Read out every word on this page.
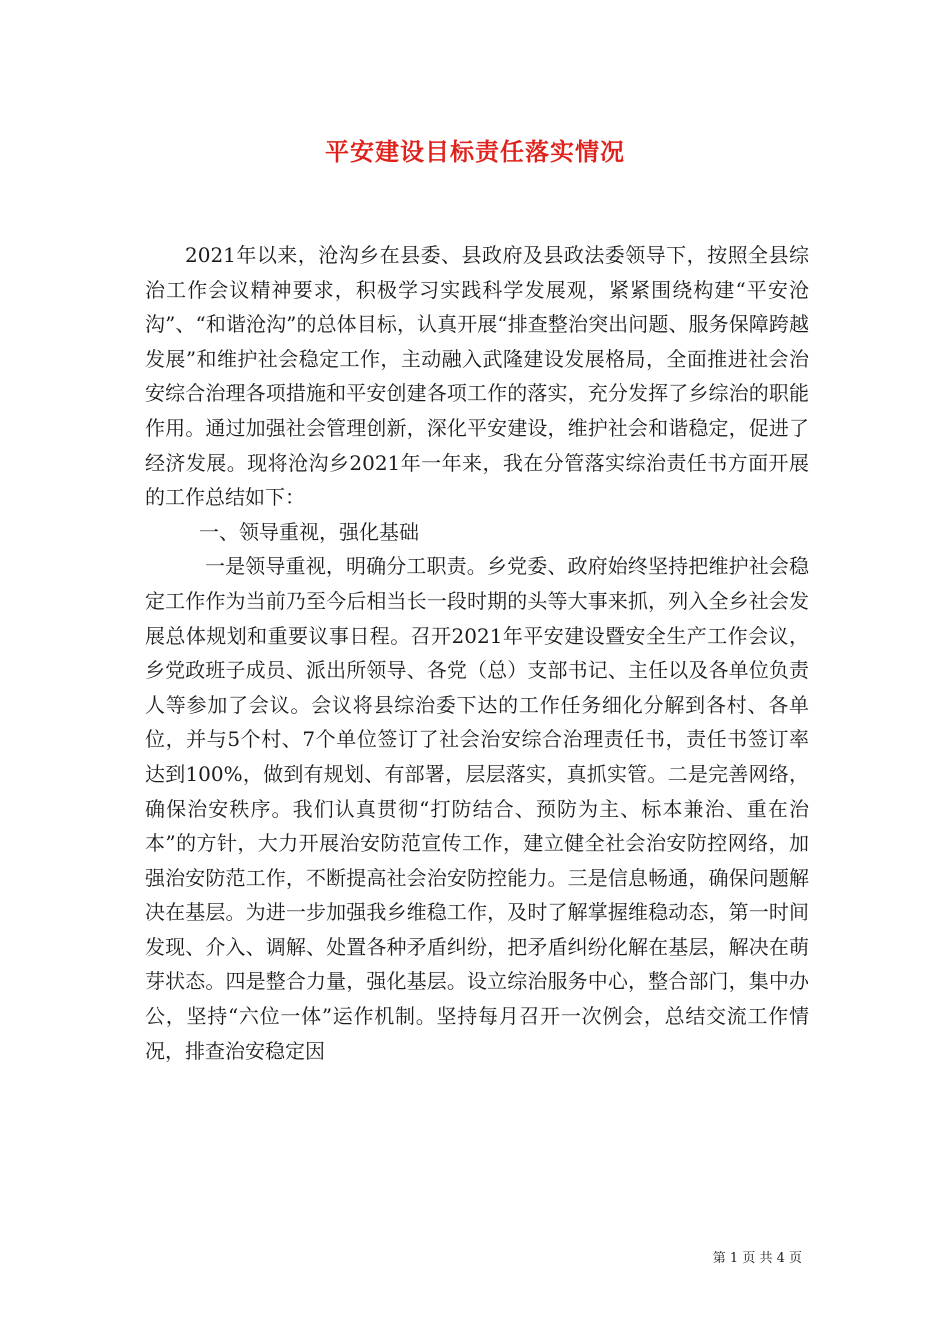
平安建设目标责任落实情况

2021年以来，沧沟乡在县委、县政府及县政法委领导下，按照全县综治工作会议精神要求，积极学习实践科学发展观，紧紧围绕构建“平安沧沟”、“和谐沧沟”的总体目标，认真开展“排查整治突出问题、服务保障跨越发展”和维护社会稳定工作，主动融入武隆建设发展格局，全面推进社会治安综合治理各项措施和平安创建各项工作的落实，充分发挥了乡综治的职能作用。通过加强社会管理创新，深化平安建设，维护社会和谐稳定，促进了经济发展。现将沧沟乡2021年一年来，我在分管落实综治责任书方面开展的工作总结如下：

一、领导重视，强化基础

一是领导重视，明确分工职责。乡党委、政府始终坚持把维护社会稳定工作作为当前乃至今后相当长一段时期的头等大事来抓，列入全乡社会发展总体规划和重要议事日程。召开2021年平安建设暨安全生产工作会议，乡党政班子成员、派出所领导、各党（总）支部书记、主任以及各单位负责人等参加了会议。会议将县综治委下达的工作任务细化分解到各村、各单位，并与5个村、7个单位签订了社会治安综合治理责任书，责任书签订率达到100%，做到有规划、有部署，层层落实，真抓实管。二是完善网络，确保治安秩序。我们认真贯彻“打防结合、预防为主、标本兼治、重在治本”的方针，大力开展治安防范宣传工作，建立健全社会治安防控网络，加强治安防范工作，不断提高社会治安防控能力。三是信息畅通，确保问题解决在基层。为进一步加强我乡维稳工作，及时了解掌握维稳动态，第一时间发现、介入、调解、处置各种矛盾纠纷，把矛盾纠纷化解在基层，解决在萌芽状态。四是整合力量，强化基层。设立综治服务中心，整合部门，集中办公，坚持“六位一体”运作机制。坚持每月召开一次例会，总结交流工作情况，排查治安稳定因

第 1 页 共 4 页
